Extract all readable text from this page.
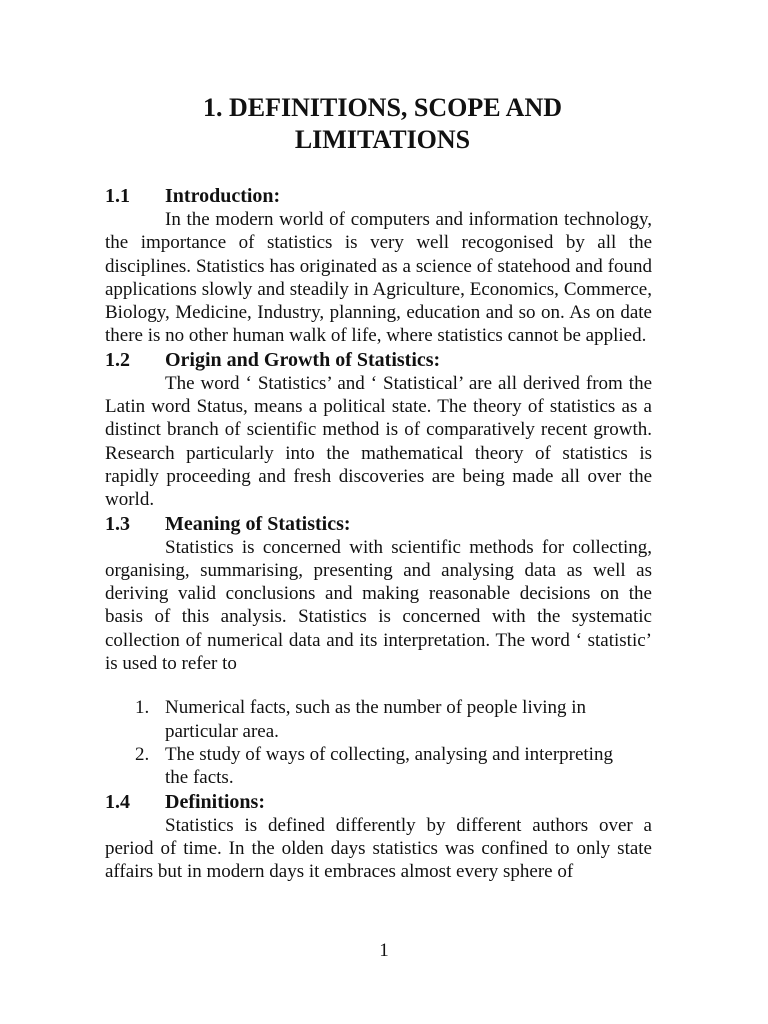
1. DEFINITIONS, SCOPE AND
LIMITATIONS
1.1	Introduction:

In the modern world of computers and information technology, the importance of statistics is very well recogonised by all the disciplines. Statistics has originated as a science of statehood and found applications slowly and steadily in Agriculture, Economics, Commerce, Biology, Medicine, Industry, planning, education and so on. As on date there is no other human walk of life, where statistics cannot be applied.

1.2	Origin and Growth of Statistics:

The word ‘ Statistics’ and ‘ Statistical’ are all derived from the Latin word Status, means a political state. The theory of statistics as a distinct branch of scientific method is of comparatively recent growth. Research particularly into the mathematical theory of statistics is rapidly proceeding and fresh discoveries are being made all over the world.

1.3	Meaning of Statistics:

Statistics is concerned with scientific methods for collecting, organising, summarising, presenting and analysing data as well as deriving valid conclusions and making reasonable decisions on the basis of this analysis. Statistics is concerned with the systematic collection of numerical data and its interpretation. The word ‘ statistic’ is used to refer to

1. Numerical facts, such as the number of people living in particular area.
2. The study of ways of collecting, analysing and interpreting the facts.
1.4	Definitions:

Statistics is defined differently by different authors over a period of time. In the olden days statistics was confined to only state affairs but in modern days it embraces almost every sphere of

1
